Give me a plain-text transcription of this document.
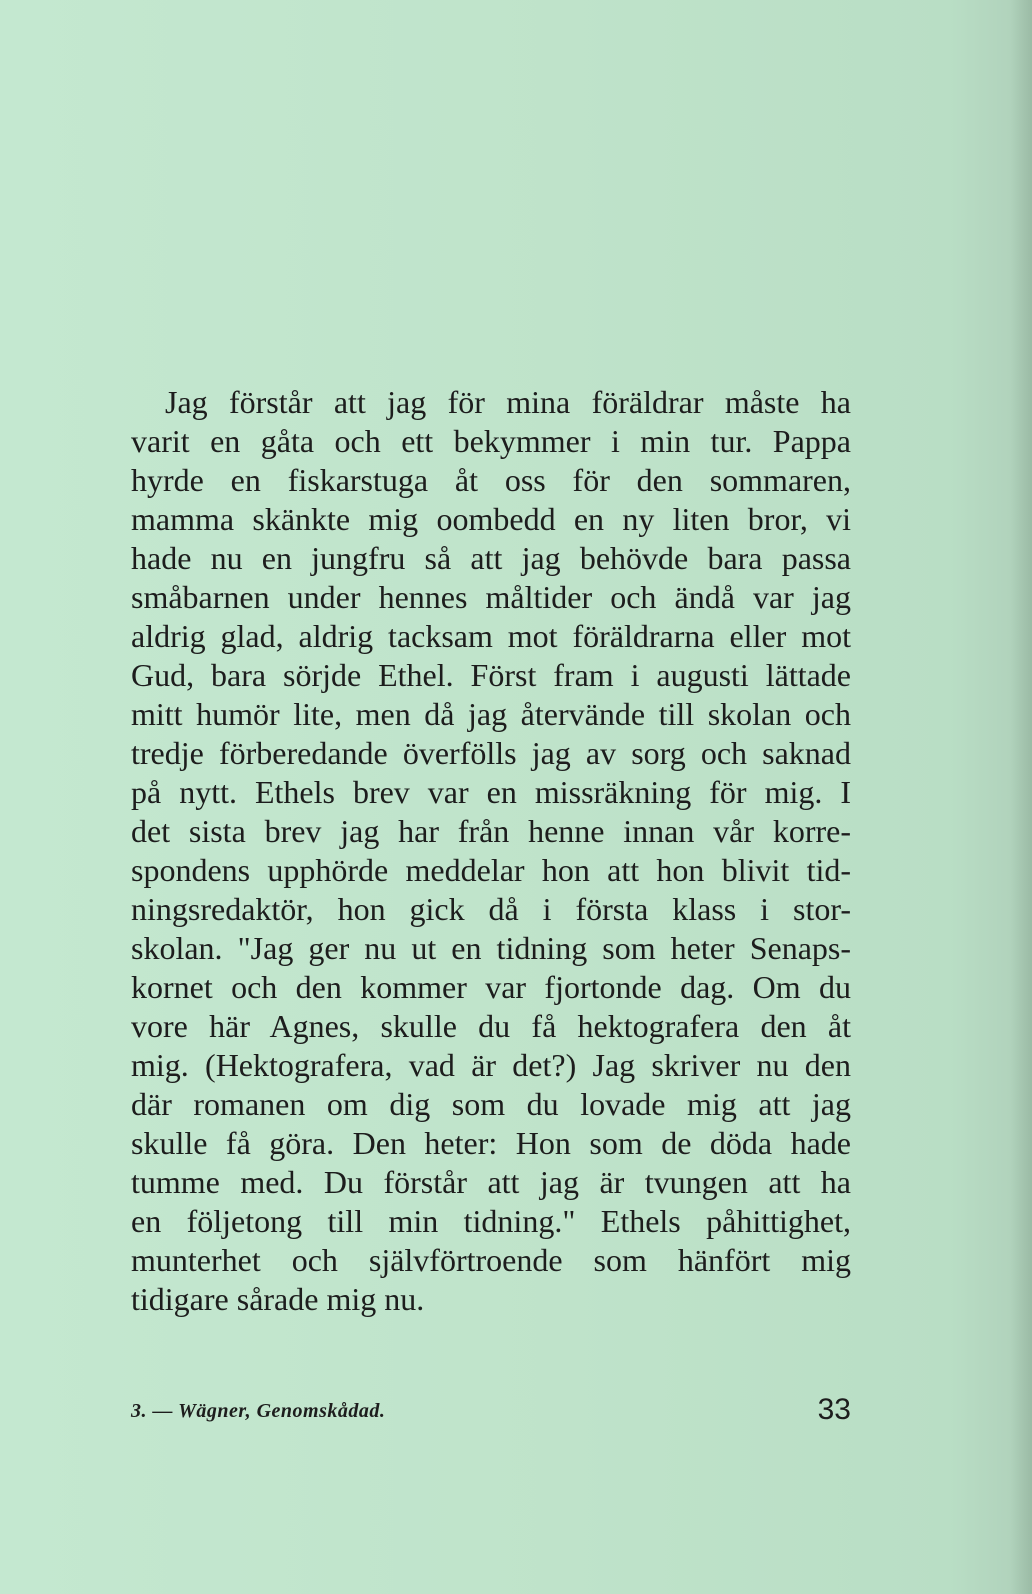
Jag förstår att jag för mina föräldrar måste ha
varit en gåta och ett bekymmer i min tur. Pappa
hyrde en fiskarstuga åt oss för den sommaren,
mamma skänkte mig oombedd en ny liten bror, vi
hade nu en jungfru så att jag behövde bara passa
småbarnen under hennes måltider och ändå var jag
aldrig glad, aldrig tacksam mot föräldrarna eller mot
Gud, bara sörjde Ethel. Först fram i augusti lättade
mitt humör lite, men då jag återvände till skolan och
tredje förberedande överfölls jag av sorg och saknad
på nytt. Ethels brev var en missräkning för mig. I
det sista brev jag har från henne innan vår korre-
spondens upphörde meddelar hon att hon blivit tid-
ningsredaktör, hon gick då i första klass i stor-
skolan. "Jag ger nu ut en tidning som heter Senaps-
kornet och den kommer var fjortonde dag. Om du
vore här Agnes, skulle du få hektografera den åt
mig. (Hektografera, vad är det?) Jag skriver nu den
där romanen om dig som du lovade mig att jag
skulle få göra. Den heter: Hon som de döda hade
tumme med. Du förstår att jag är tvungen att ha
en följetong till min tidning." Ethels påhittighet,
munterhet och självförtroende som hänfört mig
tidigare sårade mig nu.
3. — Wägner, Genomskådad.	33
